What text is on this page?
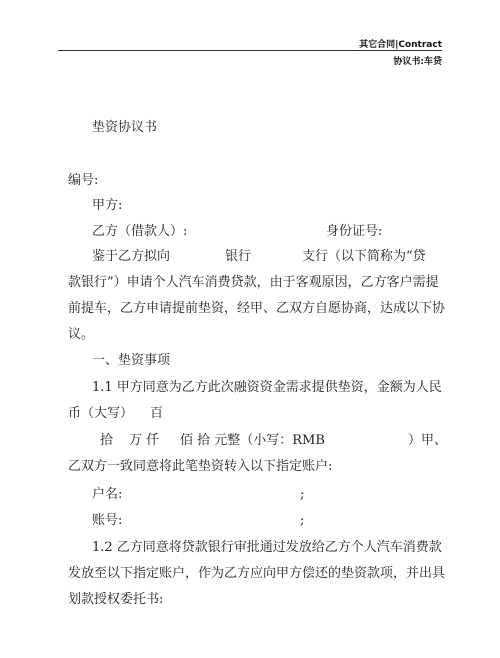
其它合同|Contract
协议书:车贷
垫资协议书
编号:
甲方:
乙方（借款人）:	身份证号:
鉴于乙方拟向	银行	支行（以下简称为“贷
款银行”）申请个人汽车消费贷款，由于客观原因，乙方客户需提
前提车，乙方申请提前垫资，经甲、乙双方自愿协商，达成以下协
议。
一、垫资事项
1.1 甲方同意为乙方此次融资资金需求提供垫资，金额为人民
币（大写） 百
拾 万 仟 佰 拾 元整（小写：RMB	）甲、
乙双方一致同意将此笔垫资转入以下指定账户:
户名:	;
账号:	;
1.2 乙方同意将贷款银行审批通过发放给乙方个人汽车消费款
发放至以下指定账户，作为乙方应向甲方偿还的垫资款项，并出具
划款授权委托书:
